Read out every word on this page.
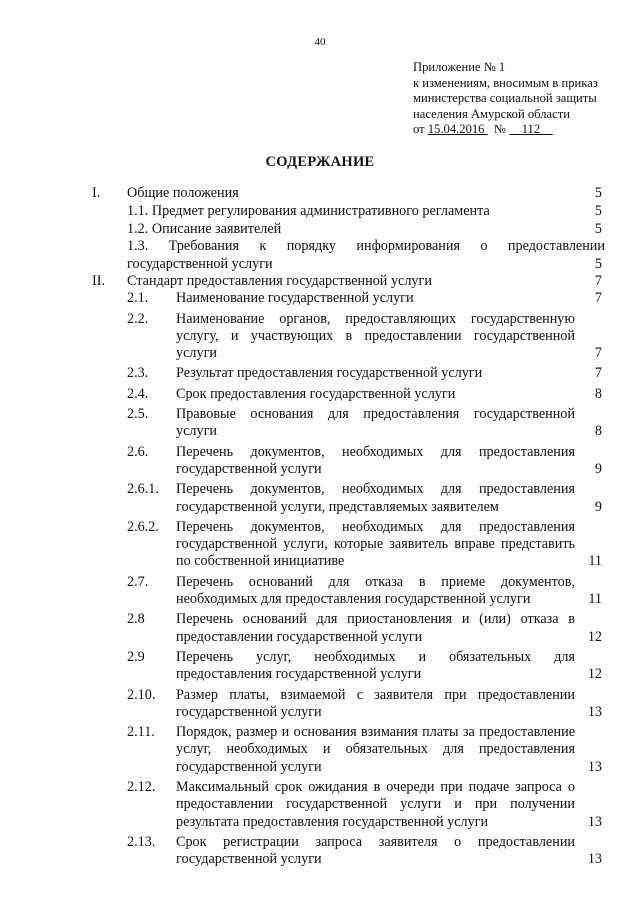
40
Приложение № 1
к изменениям, вносимым в приказ
министерства социальной защиты
населения Амурской области
от 15.04.2016 № 112
СОДЕРЖАНИЕ
I.	Общие положения	5
1.1. Предмет регулирования административного регламента	5
1.2. Описание заявителей	5
1.3. Требования к порядку информирования о предоставлении государственной услуги	5
II.	Стандарт предоставления государственной услуги	7
2.1.	Наименование государственной услуги	7
2.2.	Наименование органов, предоставляющих государственную услугу, и участвующих в предоставлении государственной услуги	7
2.3.	Результат предоставления государственной услуги	7
2.4.	Срок предоставления государственной услуги	8
2.5.	Правовые основания для предоставления государственной услуги	8
2.6.	Перечень документов, необходимых для предоставления государственной услуги	9
2.6.1.	Перечень документов, необходимых для предоставления государственной услуги, представляемых заявителем	9
2.6.2.	Перечень документов, необходимых для предоставления государственной услуги, которые заявитель вправе представить по собственной инициативе	11
2.7.	Перечень оснований для отказа в приеме документов, необходимых для предоставления государственной услуги	11
2.8	Перечень оснований для приостановления и (или) отказа в предоставлении государственной услуги	12
2.9	Перечень услуг, необходимых и обязательных для предоставления государственной услуги	12
2.10.	Размер платы, взимаемой с заявителя при предоставлении государственной услуги	13
2.11.	Порядок, размер и основания взимания платы за предоставление услуг, необходимых и обязательных для предоставления государственной услуги	13
2.12.	Максимальный срок ожидания в очереди при подаче запроса о предоставлении государственной услуги и при получении результата предоставления государственной услуги	13
2.13.	Срок регистрации запроса заявителя о предоставлении государственной услуги	13
